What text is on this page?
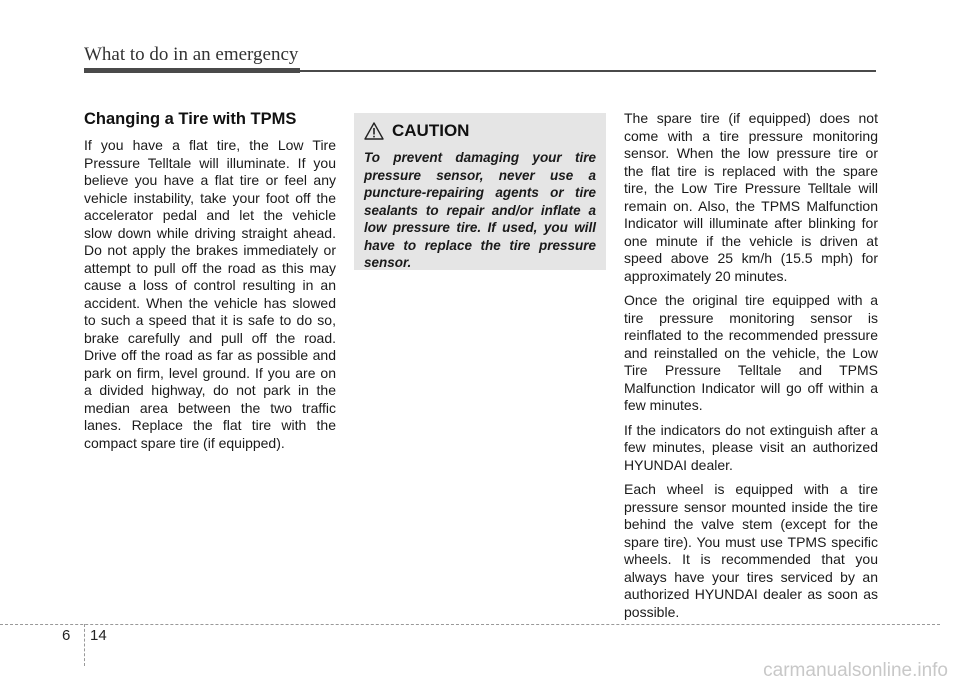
What to do in an emergency
Changing a Tire with TPMS

If you have a flat tire, the Low Tire Pressure Telltale will illuminate. If you believe you have a flat tire or feel any vehicle instability, take your foot off the accelerator pedal and let the vehicle slow down while driving straight ahead. Do not apply the brakes immediately or attempt to pull off the road as this may cause a loss of control resulting in an accident. When the vehicle has slowed to such a speed that it is safe to do so, brake carefully and pull off the road. Drive off the road as far as possible and park on firm, level ground. If you are on a divided highway, do not park in the median area between the two traffic lanes. Replace the flat tire with the compact spare tire (if equipped).

CAUTION

To prevent damaging your tire pressure sensor, never use a puncture-repairing agents or tire sealants to repair and/or inflate a low pressure tire. If used, you will have to replace the tire pressure sensor.

The spare tire (if equipped) does not come with a tire pressure monitoring sensor. When the low pressure tire or the flat tire is replaced with the spare tire, the Low Tire Pressure Telltale will remain on. Also, the TPMS Malfunction Indicator will illuminate after blinking for one minute if the vehicle is driven at speed above 25 km/h (15.5 mph) for approximately 20 minutes.

Once the original tire equipped with a tire pressure monitoring sensor is reinflated to the recommended pressure and reinstalled on the vehicle, the Low Tire Pressure Telltale and TPMS Malfunction Indicator will go off within a few minutes.

If the indicators do not extinguish after a few minutes, please visit an authorized HYUNDAI dealer.

Each wheel is equipped with a tire pressure sensor mounted inside the tire behind the valve stem (except for the spare tire). You must use TPMS specific wheels. It is recommended that you always have your tires serviced by an authorized HYUNDAI dealer as soon as possible.

6 14
carmanualsonline.info
